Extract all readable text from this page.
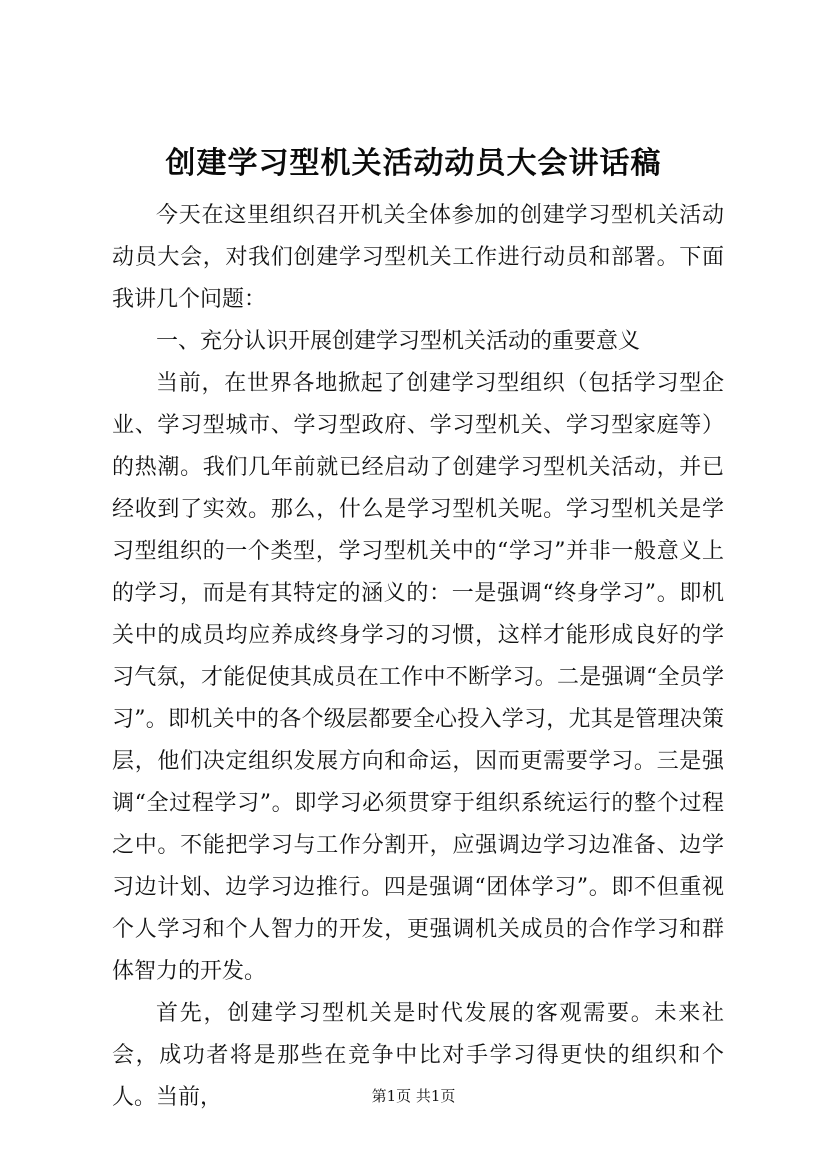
创建学习型机关活动动员大会讲话稿

今天在这里组织召开机关全体参加的创建学习型机关活动动员大会，对我们创建学习型机关工作进行动员和部署。下面我讲几个问题：

一、充分认识开展创建学习型机关活动的重要意义

当前，在世界各地掀起了创建学习型组织（包括学习型企业、学习型城市、学习型政府、学习型机关、学习型家庭等）的热潮。我们几年前就已经启动了创建学习型机关活动，并已经收到了实效。那么，什么是学习型机关呢。学习型机关是学习型组织的一个类型，学习型机关中的“学习”并非一般意义上的学习，而是有其特定的涵义的：一是强调“终身学习”。即机关中的成员均应养成终身学习的习惯，这样才能形成良好的学习气氛，才能促使其成员在工作中不断学习。二是强调“全员学习”。即机关中的各个级层都要全心投入学习，尤其是管理决策层，他们决定组织发展方向和命运，因而更需要学习。三是强调“全过程学习”。即学习必须贯穿于组织系统运行的整个过程之中。不能把学习与工作分割开，应强调边学习边准备、边学习边计划、边学习边推行。四是强调“团体学习”。即不但重视个人学习和个人智力的开发，更强调机关成员的合作学习和群体智力的开发。

首先，创建学习型机关是时代发展的客观需要。未来社会，成功者将是那些在竞争中比对手学习得更快的组织和个人。当前，	第1页 共1页
